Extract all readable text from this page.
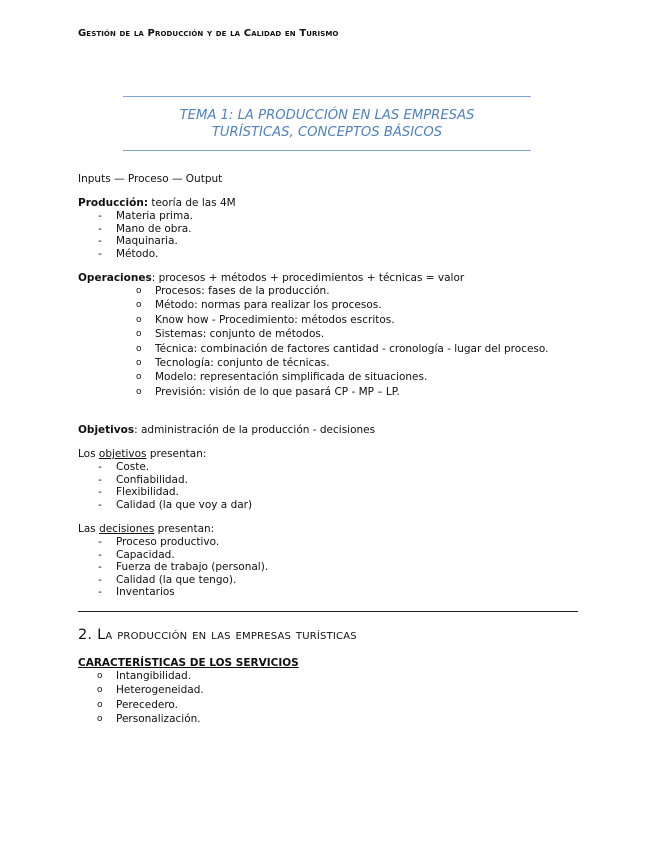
Gestión de la Producción y de la Calidad en Turismo
TEMA 1: LA PRODUCCIÓN EN LAS EMPRESAS
TURÍSTICAS, CONCEPTOS BÁSICOS
Inputs — Proceso — Output
Producción: teoría de las 4M
- Materia prima.
- Mano de obra.
- Maquinaria.
- Método.
Operaciones: procesos + métodos + procedimientos + técnicas = valor
o Procesos: fases de la producción.
o Método: normas para realizar los procesos.
o Know how - Procedimiento: métodos escritos.
o Sistemas: conjunto de métodos.
o Técnica: combinación de factores cantidad - cronología - lugar del proceso.
o Tecnología: conjunto de técnicas.
o Modelo: representación simplificada de situaciones.
o Previsión: visión de lo que pasará CP - MP – LP.
Objetivos: administración de la producción - decisiones
Los objetivos presentan:
- Coste.
- Confiabilidad.
- Flexibilidad.
- Calidad (la que voy a dar)
Las decisiones presentan:
- Proceso productivo.
- Capacidad.
- Fuerza de trabajo (personal).
- Calidad (la que tengo).
- Inventarios
2. La producción en las empresas turísticas
CARACTERÍSTICAS DE LOS SERVICIOS
o Intangibilidad.
o Heterogeneidad.
o Perecedero.
o Personalización.
